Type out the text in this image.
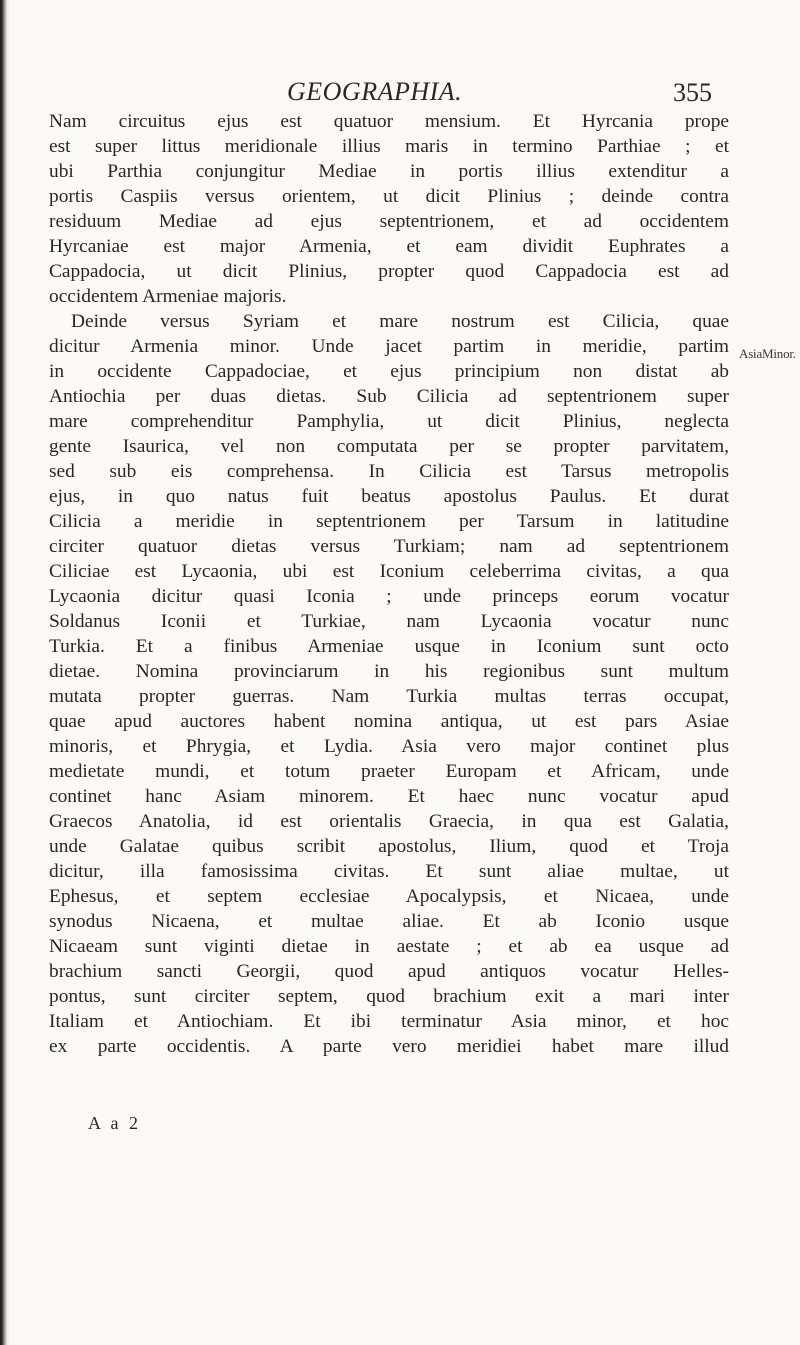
GEOGRAPHIA.	355
Nam circuitus ejus est quatuor mensium. Et Hyrcania prope
est super littus meridionale illius maris in termino Parthiae ; et
ubi Parthia conjungitur Mediae in portis illius extenditur a
portis Caspiis versus orientem, ut dicit Plinius ; deinde contra
residuum Mediae ad ejus septentrionem, et ad occidentem
Hyrcaniae est major Armenia, et eam dividit Euphrates a
Cappadocia, ut dicit Plinius, propter quod Cappadocia est ad
occidentem Armeniae majoris.
Deinde versus Syriam et mare nostrum est Cilicia, quae
dicitur Armenia minor. Unde jacet partim in meridie, partim
in occidente Cappadociae, et ejus principium non distat ab
Antiochia per duas dietas. Sub Cilicia ad septentrionem super
mare comprehenditur Pamphylia, ut dicit Plinius, neglecta
gente Isaurica, vel non computata per se propter parvitatem,
sed sub eis comprehensa. In Cilicia est Tarsus metropolis
ejus, in quo natus fuit beatus apostolus Paulus. Et durat
Cilicia a meridie in septentrionem per Tarsum in latitudine
circiter quatuor dietas versus Turkiam; nam ad septentrionem
Ciliciae est Lycaonia, ubi est Iconium celeberrima civitas, a qua
Lycaonia dicitur quasi Iconia ; unde princeps eorum vocatur
Soldanus Iconii et Turkiae, nam Lycaonia vocatur nunc
Turkia. Et a finibus Armeniae usque in Iconium sunt octo
dietae. Nomina provinciarum in his regionibus sunt multum
mutata propter guerras. Nam Turkia multas terras occupat,
quae apud auctores habent nomina antiqua, ut est pars Asiae
minoris, et Phrygia, et Lydia. Asia vero major continet plus
medietate mundi, et totum praeter Europam et Africam, unde
continet hanc Asiam minorem. Et haec nunc vocatur apud
Graecos Anatolia, id est orientalis Graecia, in qua est Galatia,
unde Galatae quibus scribit apostolus, Ilium, quod et Troja
dicitur, illa famosissima civitas. Et sunt aliae multae, ut
Ephesus, et septem ecclesiae Apocalypsis, et Nicaea, unde
synodus Nicaena, et multae aliae. Et ab Iconio usque
Nicaeam sunt viginti dietae in aestate ; et ab ea usque ad
brachium sancti Georgii, quod apud antiquos vocatur Helles-
pontus, sunt circiter septem, quod brachium exit a mari inter
Italiam et Antiochiam. Et ibi terminatur Asia minor, et hoc
ex parte occidentis. A parte vero meridiei habet mare illud
AsiaMinor.
A a 2
